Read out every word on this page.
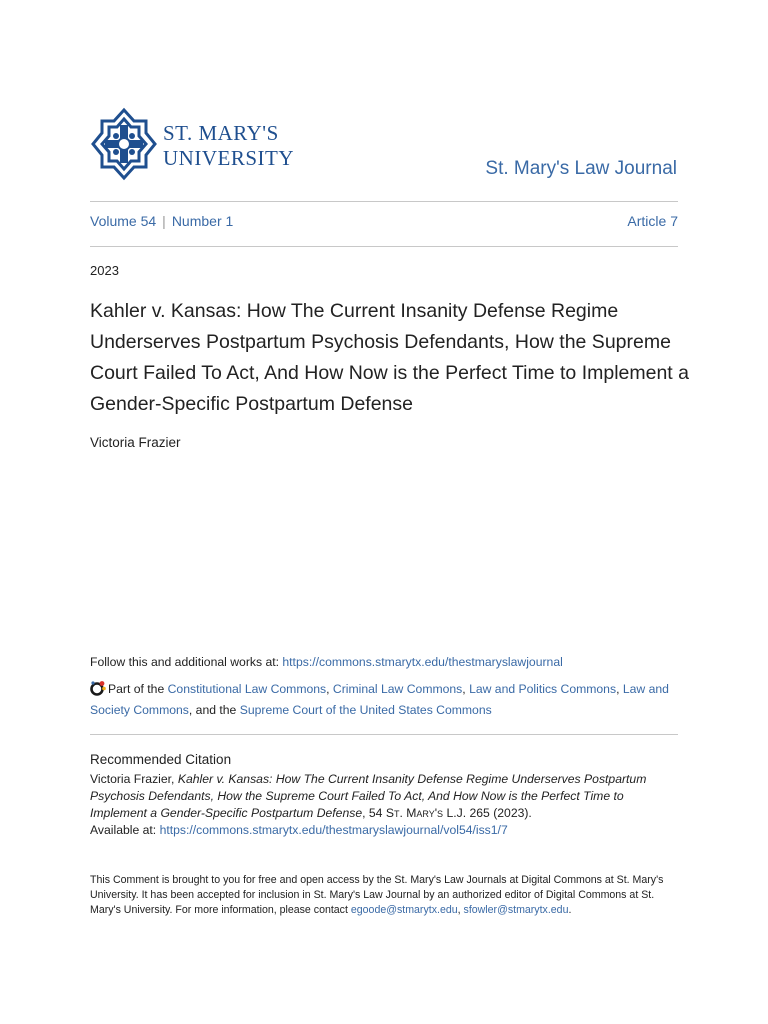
ST. MARY'S
UNIVERSITY	St. Mary's Law Journal
Volume 54 | Number 1	Article 7
2023
Kahler v. Kansas: How The Current Insanity Defense Regime Underserves Postpartum Psychosis Defendants, How the Supreme Court Failed To Act, And How Now is the Perfect Time to Implement a Gender-Specific Postpartum Defense
Victoria Frazier
Follow this and additional works at: https://commons.stmarytx.edu/thestmaryslawjournal
Part of the Constitutional Law Commons, Criminal Law Commons, Law and Politics Commons, Law and Society Commons, and the Supreme Court of the United States Commons
Recommended Citation
Victoria Frazier, Kahler v. Kansas: How The Current Insanity Defense Regime Underserves Postpartum Psychosis Defendants, How the Supreme Court Failed To Act, And How Now is the Perfect Time to Implement a Gender-Specific Postpartum Defense, 54 St. Mary's L.J. 265 (2023).
Available at: https://commons.stmarytx.edu/thestmaryslawjournal/vol54/iss1/7
This Comment is brought to you for free and open access by the St. Mary's Law Journals at Digital Commons at St. Mary's University. It has been accepted for inclusion in St. Mary's Law Journal by an authorized editor of Digital Commons at St. Mary's University. For more information, please contact egoode@stmarytx.edu, sfowler@stmarytx.edu.
